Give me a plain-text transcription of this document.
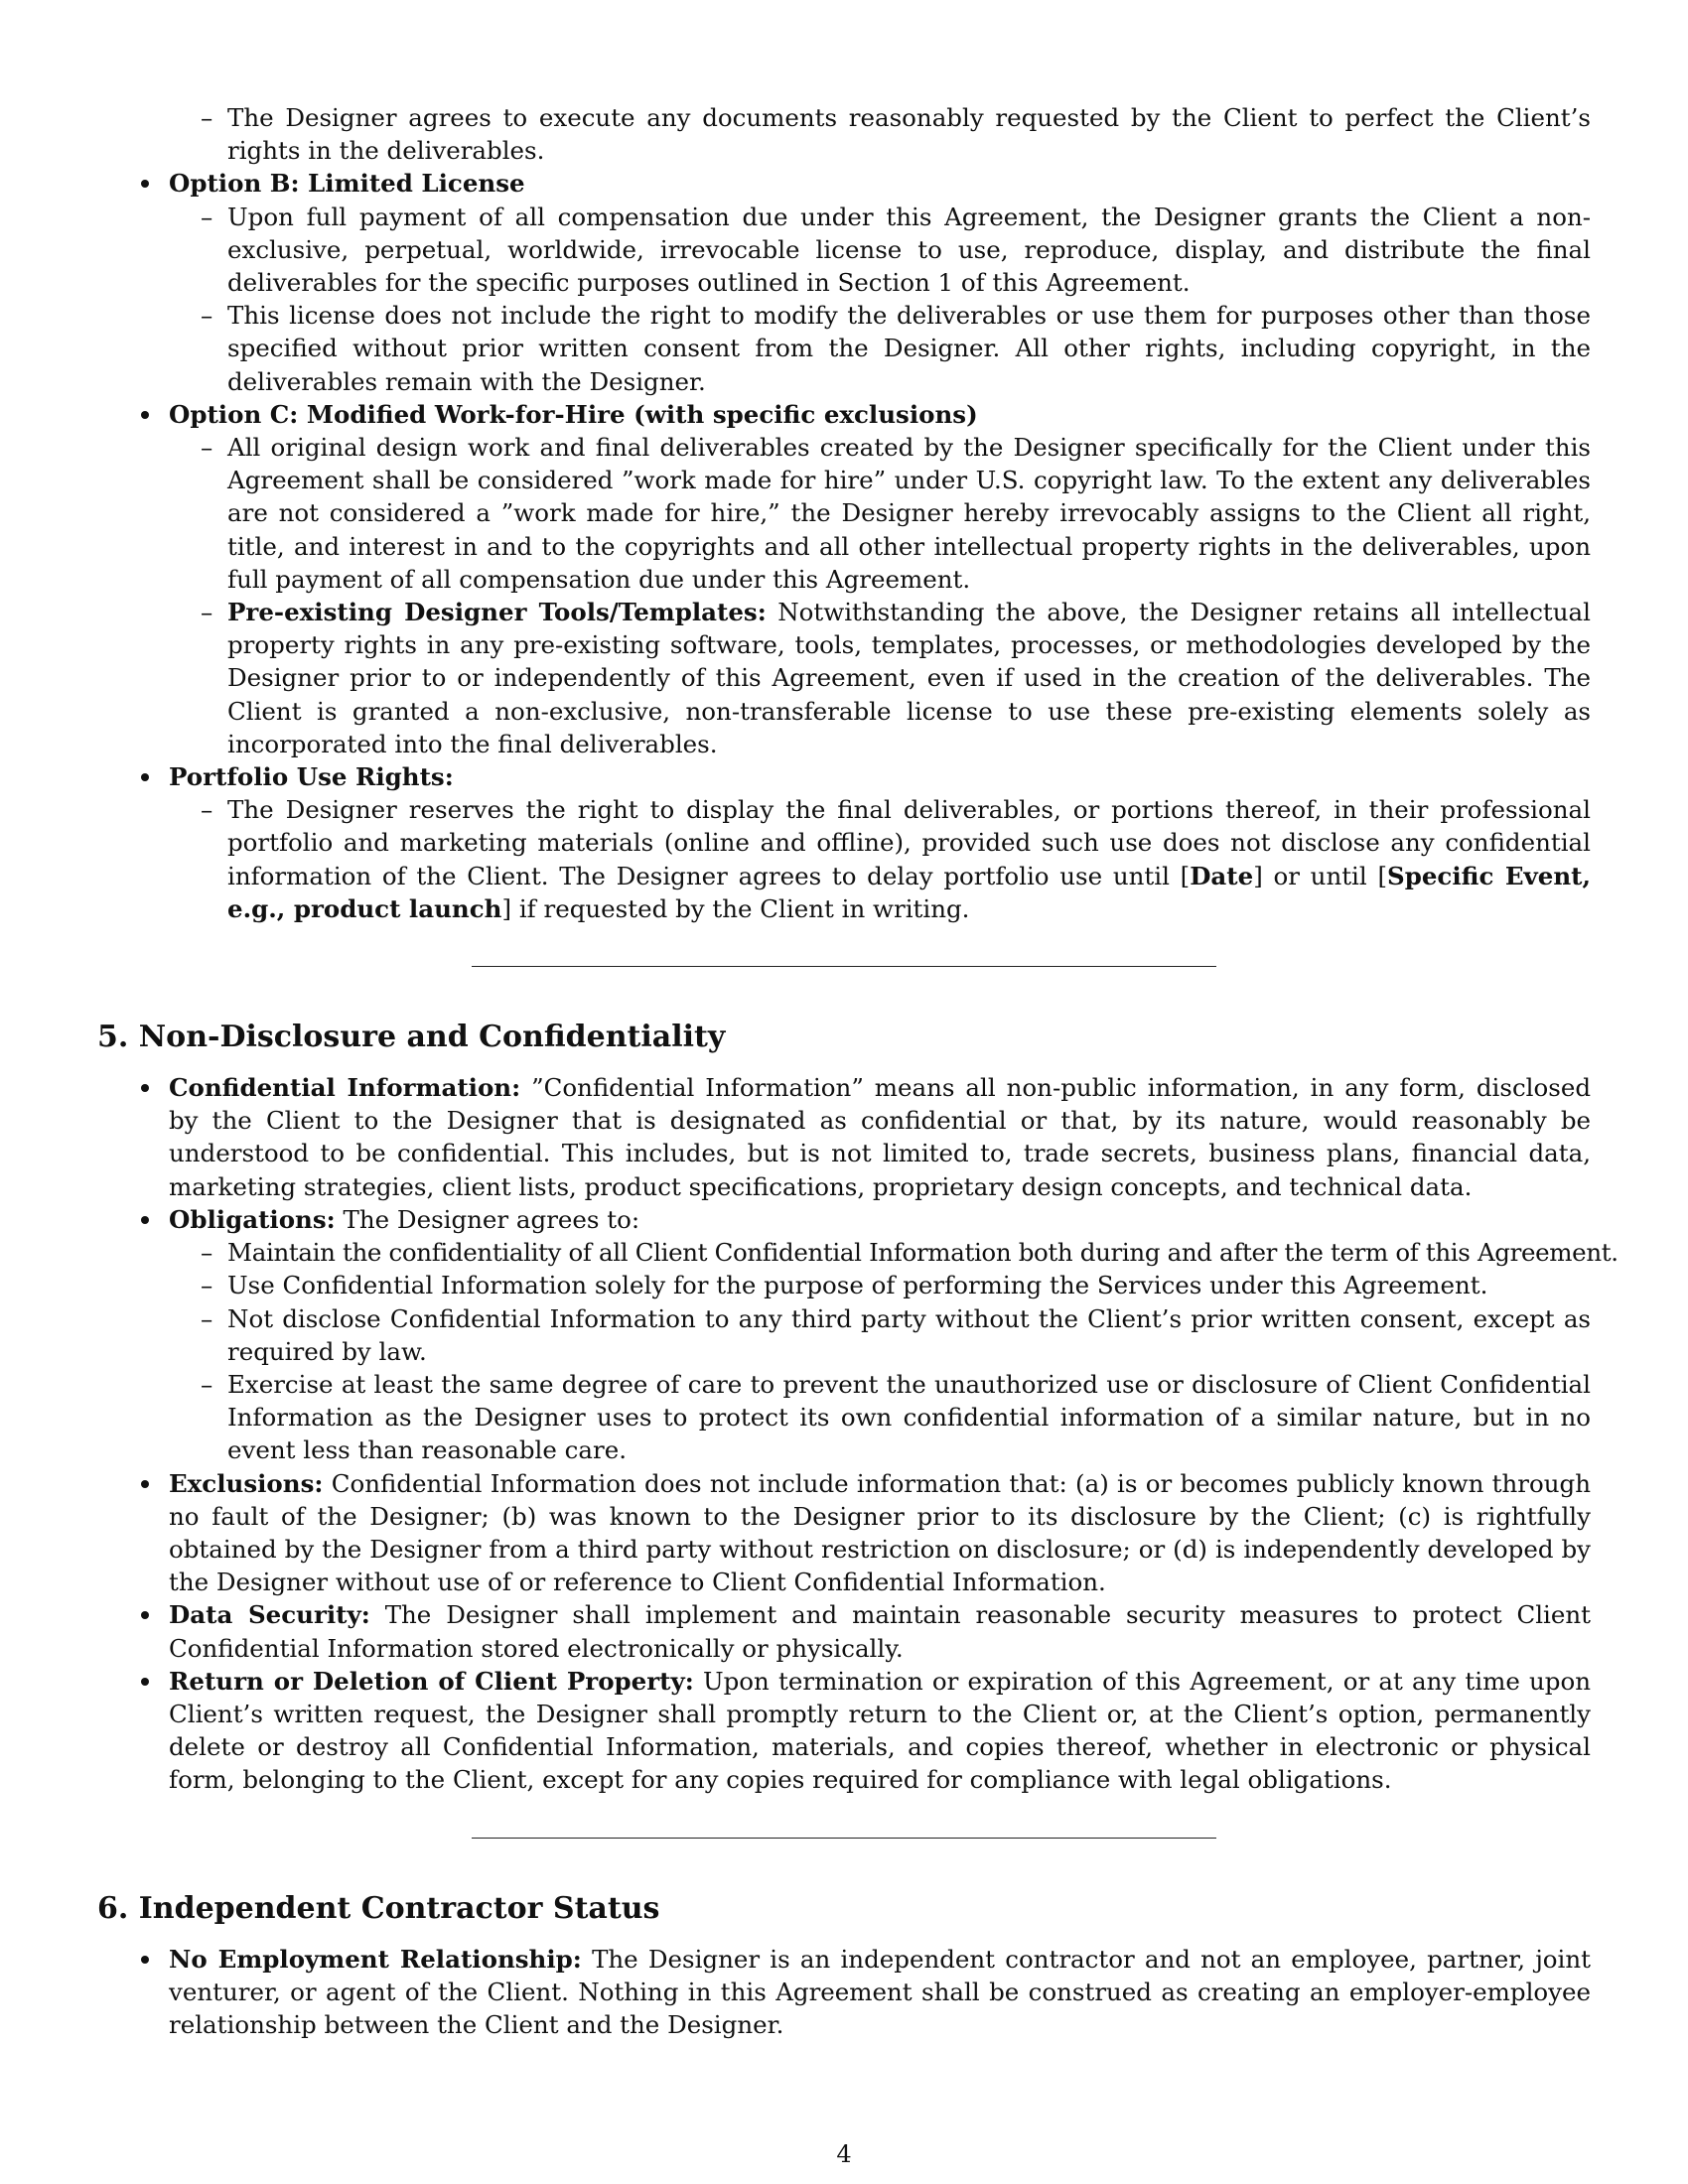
– The Designer agrees to execute any documents reasonably requested by the Client to perfect the Client’s rights in the deliverables.
Option B: Limited License
– Upon full payment of all compensation due under this Agreement, the Designer grants the Client a non-exclusive, perpetual, worldwide, irrevocable license to use, reproduce, display, and distribute the final deliverables for the specific purposes outlined in Section 1 of this Agreement.
– This license does not include the right to modify the deliverables or use them for purposes other than those specified without prior written consent from the Designer. All other rights, including copyright, in the deliverables remain with the Designer.
Option C: Modified Work-for-Hire (with specific exclusions)
– All original design work and final deliverables created by the Designer specifically for the Client under this Agreement shall be considered ”work made for hire” under U.S. copyright law. To the extent any deliverables are not considered a ”work made for hire,” the Designer hereby irrevocably assigns to the Client all right, title, and interest in and to the copyrights and all other intellectual property rights in the deliverables, upon full payment of all compensation due under this Agreement.
– Pre-existing Designer Tools/Templates: Notwithstanding the above, the Designer retains all intellectual property rights in any pre-existing software, tools, templates, processes, or methodologies developed by the Designer prior to or independently of this Agreement, even if used in the creation of the deliverables. The Client is granted a non-exclusive, non-transferable license to use these pre-existing elements solely as incorporated into the final deliverables.
Portfolio Use Rights:
– The Designer reserves the right to display the final deliverables, or portions thereof, in their professional portfolio and marketing materials (online and offline), provided such use does not disclose any confidential information of the Client. The Designer agrees to delay portfolio use until [Date] or until [Specific Event, e.g., product launch] if requested by the Client in writing.
5. Non-Disclosure and Confidentiality
Confidential Information: ”Confidential Information” means all non-public information, in any form, disclosed by the Client to the Designer that is designated as confidential or that, by its nature, would reasonably be understood to be confidential. This includes, but is not limited to, trade secrets, business plans, financial data, marketing strategies, client lists, product specifications, proprietary design concepts, and technical data.
Obligations: The Designer agrees to:
– Maintain the confidentiality of all Client Confidential Information both during and after the term of this Agreement.
– Use Confidential Information solely for the purpose of performing the Services under this Agreement.
– Not disclose Confidential Information to any third party without the Client’s prior written consent, except as required by law.
– Exercise at least the same degree of care to prevent the unauthorized use or disclosure of Client Confidential Information as the Designer uses to protect its own confidential information of a similar nature, but in no event less than reasonable care.
Exclusions: Confidential Information does not include information that: (a) is or becomes publicly known through no fault of the Designer; (b) was known to the Designer prior to its disclosure by the Client; (c) is rightfully obtained by the Designer from a third party without restriction on disclosure; or (d) is independently developed by the Designer without use of or reference to Client Confidential Information.
Data Security: The Designer shall implement and maintain reasonable security measures to protect Client Confidential Information stored electronically or physically.
Return or Deletion of Client Property: Upon termination or expiration of this Agreement, or at any time upon Client’s written request, the Designer shall promptly return to the Client or, at the Client’s option, permanently delete or destroy all Confidential Information, materials, and copies thereof, whether in electronic or physical form, belonging to the Client, except for any copies required for compliance with legal obligations.
6. Independent Contractor Status
No Employment Relationship: The Designer is an independent contractor and not an employee, partner, joint venturer, or agent of the Client. Nothing in this Agreement shall be construed as creating an employer-employee relationship between the Client and the Designer.
4
